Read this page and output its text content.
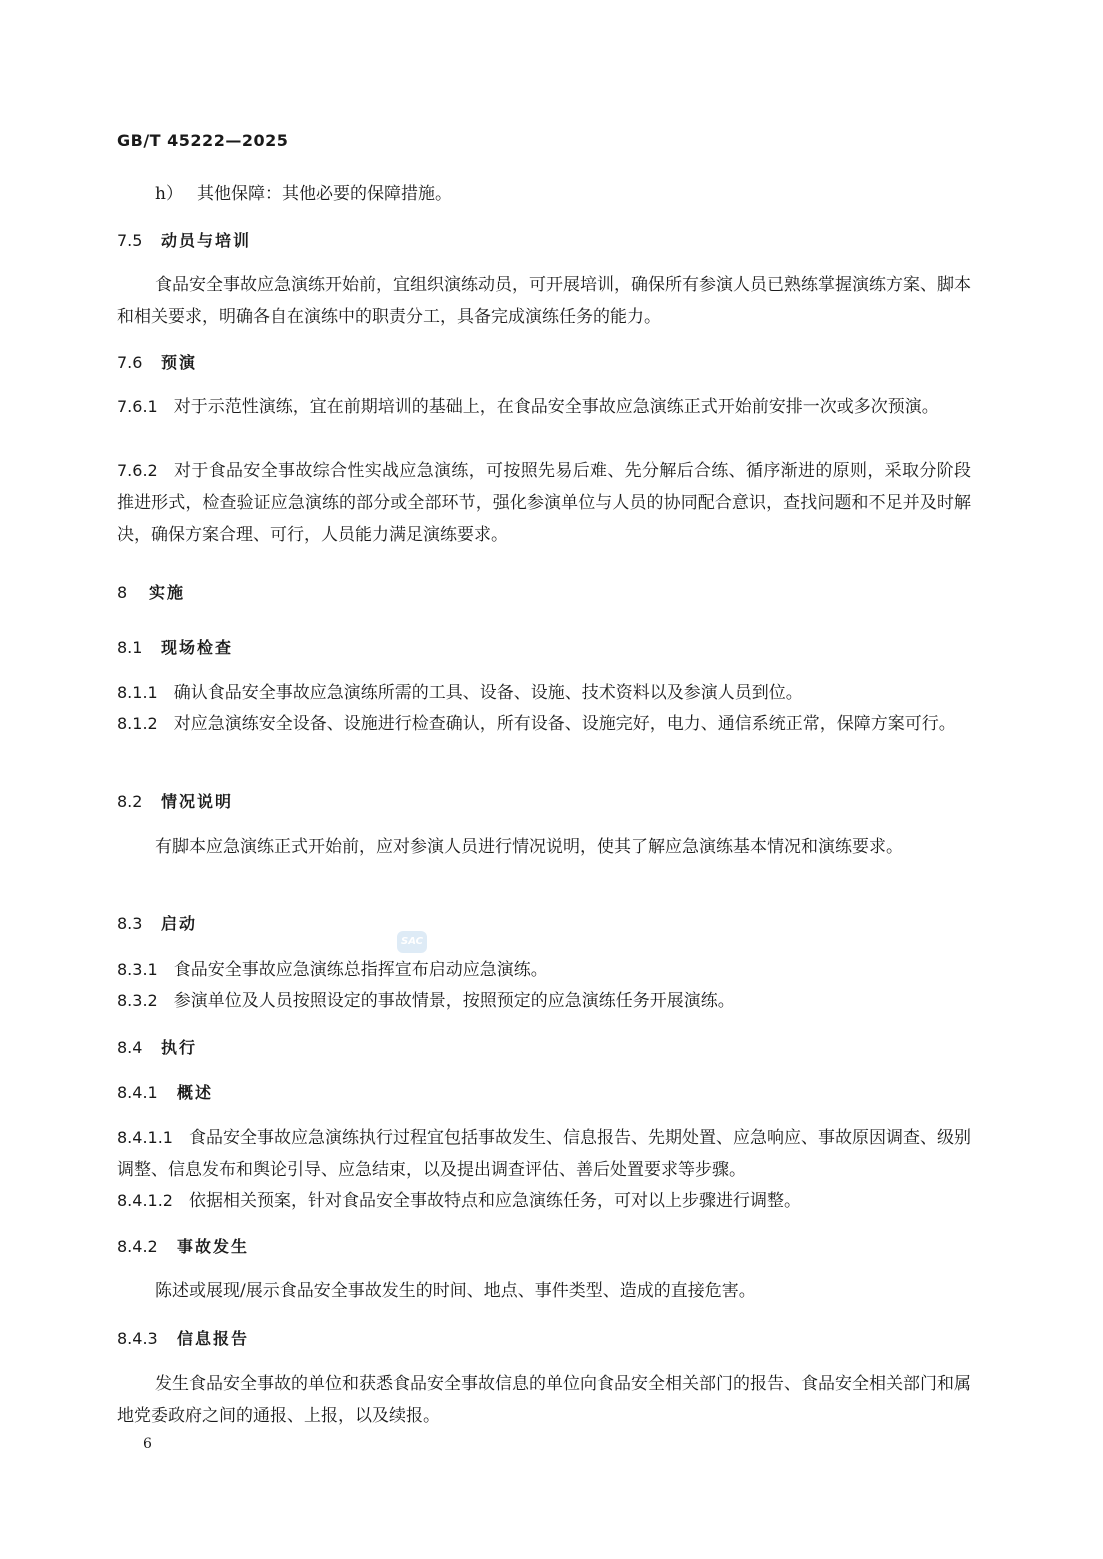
GB/T 45222—2025
h） 其他保障：其他必要的保障措施。
7.5 动员与培训
食品安全事故应急演练开始前，宜组织演练动员，可开展培训，确保所有参演人员已熟练掌握演练方案、脚本和相关要求，明确各自在演练中的职责分工，具备完成演练任务的能力。
7.6 预演
7.6.1 对于示范性演练，宜在前期培训的基础上，在食品安全事故应急演练正式开始前安排一次或多次预演。
7.6.2 对于食品安全事故综合性实战应急演练，可按照先易后难、先分解后合练、循序渐进的原则，采取分阶段推进形式，检查验证应急演练的部分或全部环节，强化参演单位与人员的协同配合意识，查找问题和不足并及时解决，确保方案合理、可行，人员能力满足演练要求。
8 实施
8.1 现场检查
8.1.1 确认食品安全事故应急演练所需的工具、设备、设施、技术资料以及参演人员到位。
8.1.2 对应急演练安全设备、设施进行检查确认，所有设备、设施完好，电力、通信系统正常，保障方案可行。
8.2 情况说明
有脚本应急演练正式开始前，应对参演人员进行情况说明，使其了解应急演练基本情况和演练要求。
8.3 启动
8.3.1 食品安全事故应急演练总指挥宣布启动应急演练。
8.3.2 参演单位及人员按照设定的事故情景，按照预定的应急演练任务开展演练。
8.4 执行
8.4.1 概述
8.4.1.1 食品安全事故应急演练执行过程宜包括事故发生、信息报告、先期处置、应急响应、事故原因调查、级别调整、信息发布和舆论引导、应急结束，以及提出调查评估、善后处置要求等步骤。
8.4.1.2 依据相关预案，针对食品安全事故特点和应急演练任务，可对以上步骤进行调整。
8.4.2 事故发生
陈述或展现/展示食品安全事故发生的时间、地点、事件类型、造成的直接危害。
8.4.3 信息报告
发生食品安全事故的单位和获悉食品安全事故信息的单位向食品安全相关部门的报告、食品安全相关部门和属地党委政府之间的通报、上报，以及续报。
SAC
6
